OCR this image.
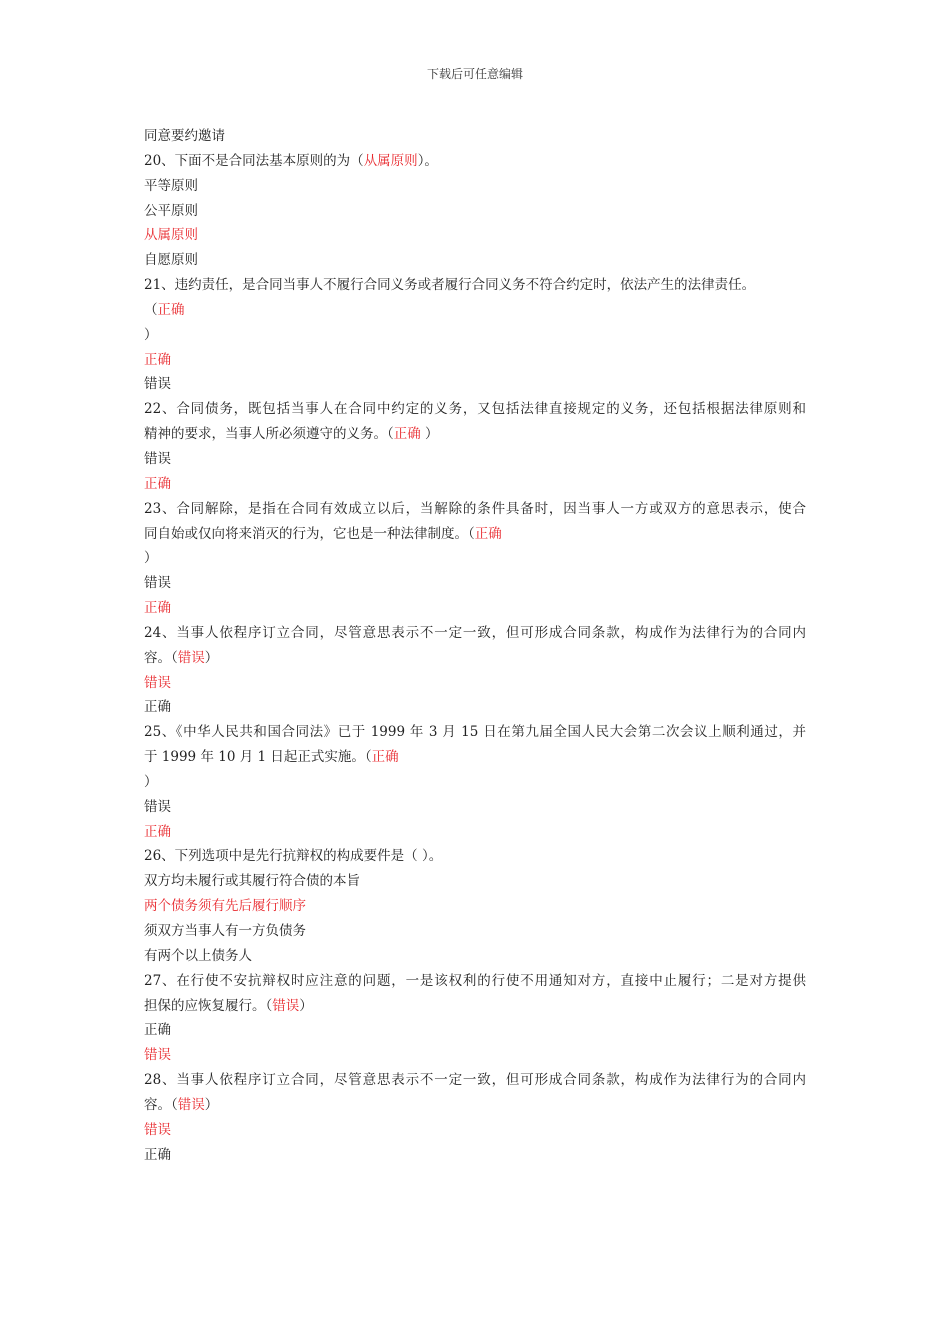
下载后可任意编辑
同意要约邀请
20、下面不是合同法基本原则的为（从属原则）。
平等原则
公平原则
从属原则
自愿原则
21、违约责任，是合同当事人不履行合同义务或者履行合同义务不符合约定时，依法产生的法律责任。
（正确
）
正确
错误
22、合同债务，既包括当事人在合同中约定的义务，又包括法律直接规定的义务，还包括根据法律原则和
精神的要求，当事人所必须遵守的义务。（正确 ）
错误
正确
23、合同解除，是指在合同有效成立以后，当解除的条件具备时，因当事人一方或双方的意思表示，使合
同自始或仅向将来消灭的行为，它也是一种法律制度。（正确
）
错误
正确
24、当事人依程序订立合同，尽管意思表示不一定一致，但可形成合同条款，构成作为法律行为的合同内
容。（错误）
错误
正确
25、《中华人民共和国合同法》已于 1999 年 3 月 15 日在第九届全国人民大会第二次会议上顺利通过，并
于 1999 年 10 月 1 日起正式实施。（正确
）
错误
正确
26、下列选项中是先行抗辩权的构成要件是（ ）。
双方均未履行或其履行符合债的本旨
两个债务须有先后履行顺序
须双方当事人有一方负债务
有两个以上债务人
27、在行使不安抗辩权时应注意的问题，一是该权利的行使不用通知对方，直接中止履行；二是对方提供
担保的应恢复履行。（错误）
正确
错误
28、当事人依程序订立合同，尽管意思表示不一定一致，但可形成合同条款，构成作为法律行为的合同内
容。（错误）
错误
正确
